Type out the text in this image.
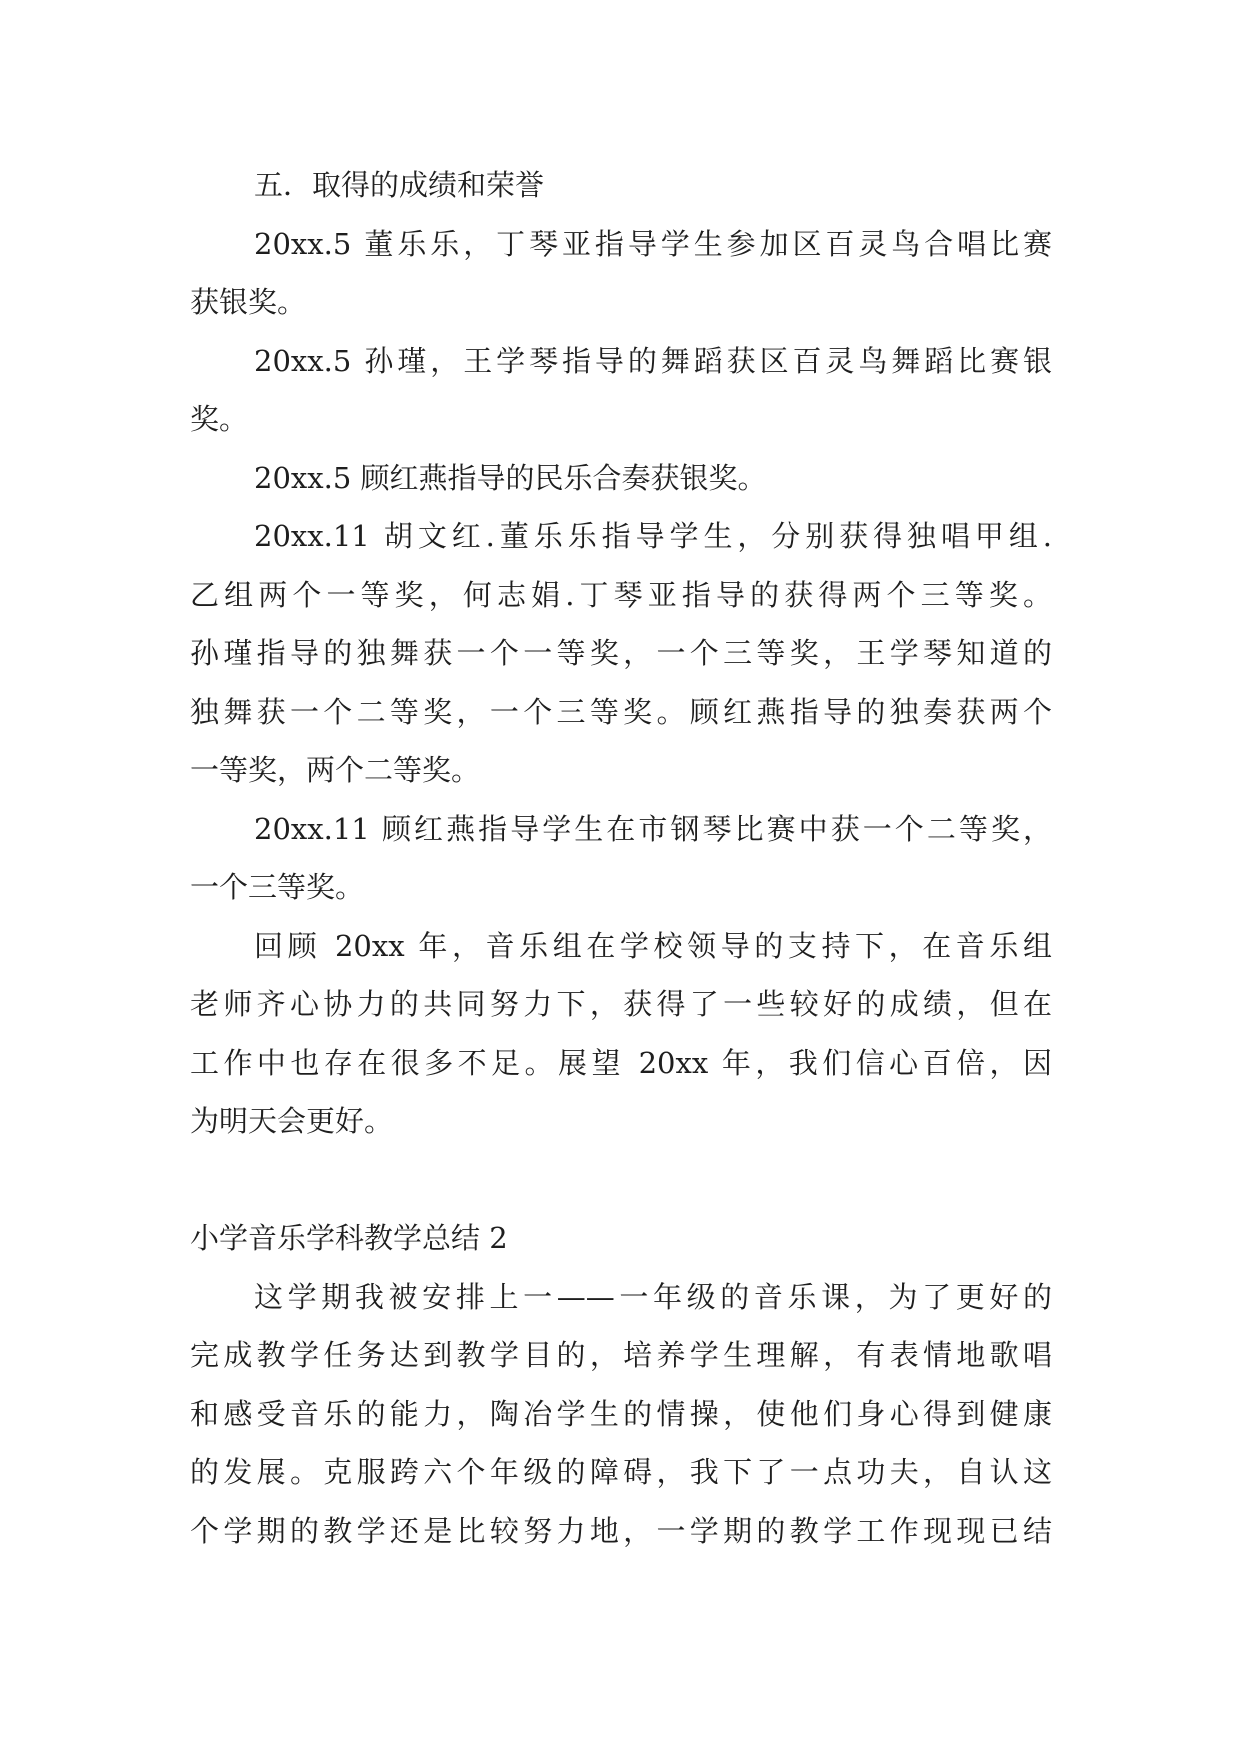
五．取得的成绩和荣誉
20xx.5 董乐乐，丁琴亚指导学生参加区百灵鸟合唱比赛
获银奖。
20xx.5 孙瑾，王学琴指导的舞蹈获区百灵鸟舞蹈比赛银
奖。
20xx.5 顾红燕指导的民乐合奏获银奖。
20xx.11 胡文红.董乐乐指导学生，分别获得独唱甲组.
乙组两个一等奖，何志娟.丁琴亚指导的获得两个三等奖。
孙瑾指导的独舞获一个一等奖，一个三等奖，王学琴知道的
独舞获一个二等奖，一个三等奖。顾红燕指导的独奏获两个
一等奖，两个二等奖。
20xx.11 顾红燕指导学生在市钢琴比赛中获一个二等奖，
一个三等奖。
回顾 20xx 年，音乐组在学校领导的支持下，在音乐组
老师齐心协力的共同努力下，获得了一些较好的成绩，但在
工作中也存在很多不足。展望 20xx 年，我们信心百倍，因
为明天会更好。
小学音乐学科教学总结 2
这学期我被安排上一——一年级的音乐课，为了更好的
完成教学任务达到教学目的，培养学生理解，有表情地歌唱
和感受音乐的能力，陶冶学生的情操，使他们身心得到健康
的发展。克服跨六个年级的障碍，我下了一点功夫，自认这
个学期的教学还是比较努力地，一学期的教学工作现现已结
